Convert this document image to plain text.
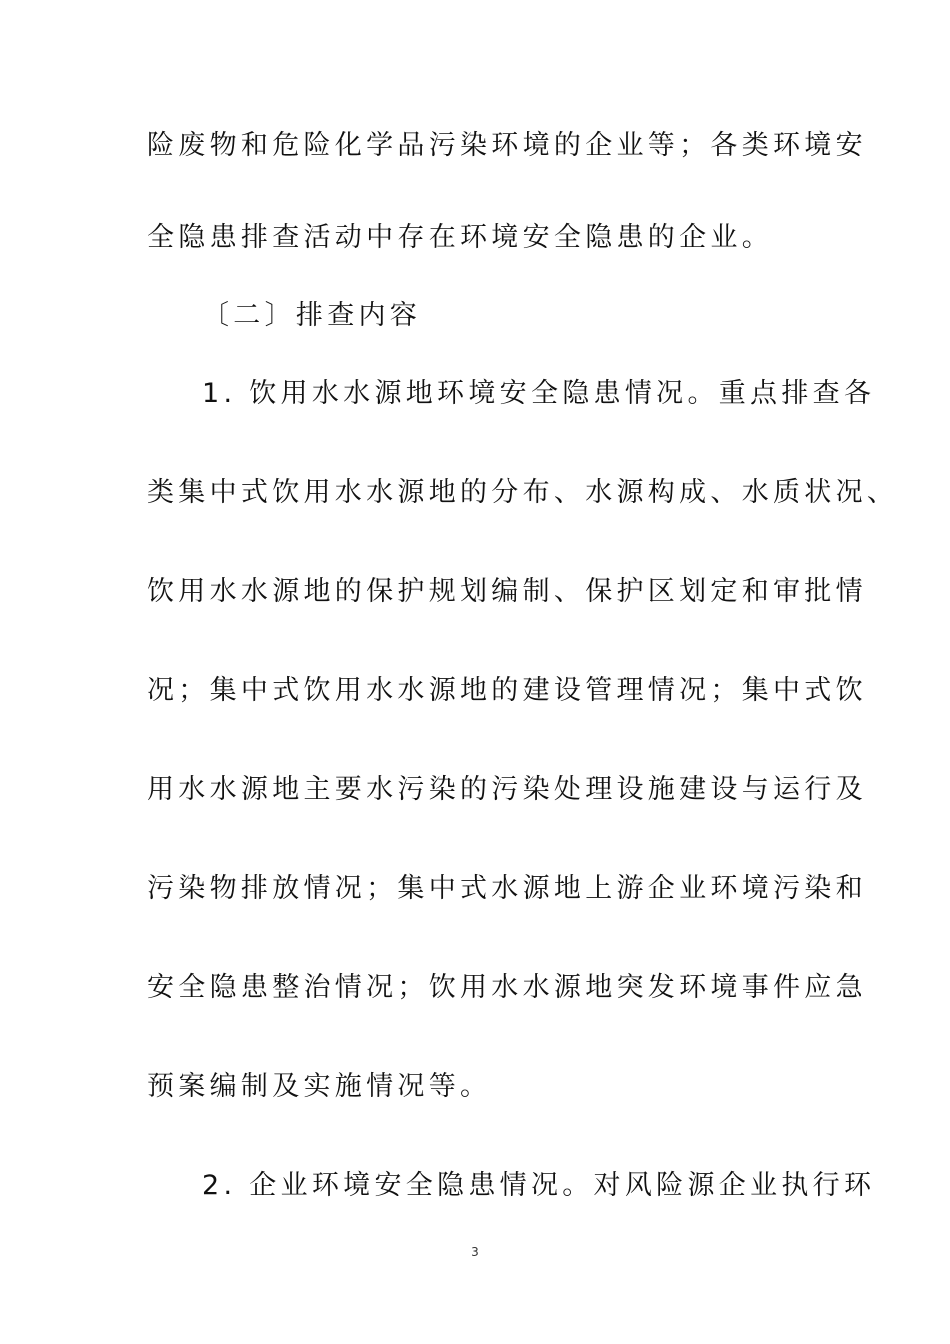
险废物和危险化学品污染环境的企业等；各类环境安
全隐患排查活动中存在环境安全隐患的企业。
〔二〕排查内容
1. 饮用水水源地环境安全隐患情况。重点排查各
类集中式饮用水水源地的分布、水源构成、水质状况、
饮用水水源地的保护规划编制、保护区划定和审批情
况；集中式饮用水水源地的建设管理情况；集中式饮
用水水源地主要水污染的污染处理设施建设与运行及
污染物排放情况；集中式水源地上游企业环境污染和
安全隐患整治情况；饮用水水源地突发环境事件应急
预案编制及实施情况等。
2. 企业环境安全隐患情况。对风险源企业执行环
3
